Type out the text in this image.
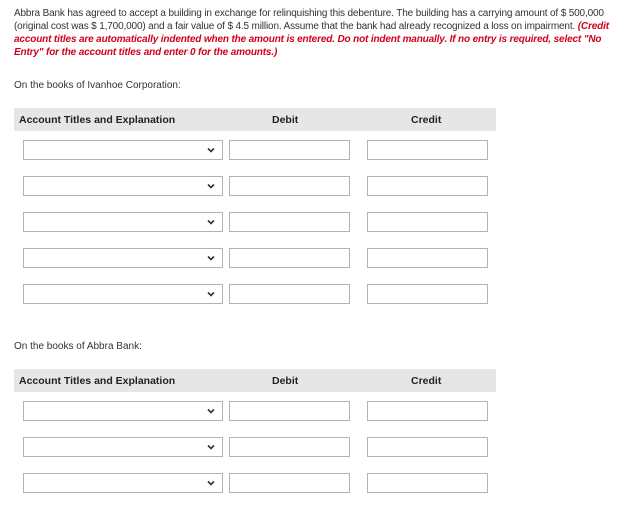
Abbra Bank has agreed to accept a building in exchange for relinquishing this debenture. The building has a carrying amount of $ 500,000 (original cost was $ 1,700,000) and a fair value of $ 4.5 million. Assume that the bank had already recognized a loss on impairment. (Credit account titles are automatically indented when the amount is entered. Do not indent manually. If no entry is required, select "No Entry" for the account titles and enter 0 for the amounts.)
On the books of Ivanhoe Corporation:
Account Titles and Explanation	Debit	Credit
On the books of Abbra Bank:
Account Titles and Explanation	Debit	Credit
